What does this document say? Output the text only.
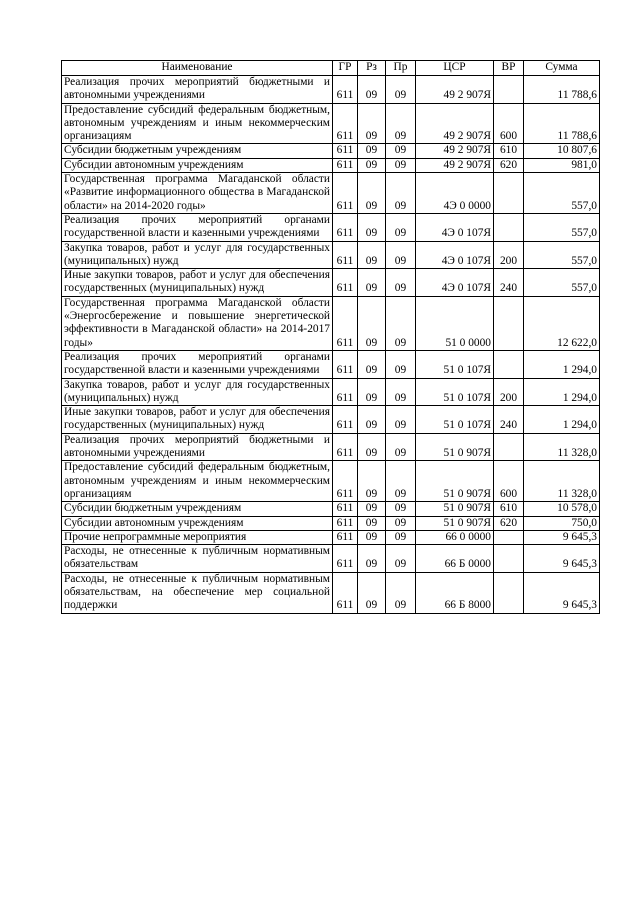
Наименование	ГР	Рз	Пр	ЦСР	ВР	Сумма
Реализация прочих мероприятий бюджетными и автономными учреждениями	611	09	09	49 2 907Я		11 788,6
Предоставление субсидий федеральным бюджетным, автономным учреждениям и иным некоммерческим организациям	611	09	09	49 2 907Я	600	11 788,6
Субсидии бюджетным учреждениям	611	09	09	49 2 907Я	610	10 807,6
Субсидии автономным учреждениям	611	09	09	49 2 907Я	620	981,0
Государственная программа Магаданской области «Развитие информационного общества в Магаданской области» на 2014-2020 годы»	611	09	09	4Э 0 0000		557,0
Реализация прочих мероприятий органами государственной власти и казенными учреждениями	611	09	09	4Э 0 107Я		557,0
Закупка товаров, работ и услуг для государственных (муниципальных) нужд	611	09	09	4Э 0 107Я	200	557,0
Иные закупки товаров, работ и услуг для обеспечения государственных (муниципальных) нужд	611	09	09	4Э 0 107Я	240	557,0
Государственная программа Магаданской области «Энергосбережение и повышение энергетической эффективности в Магаданской области» на 2014-2017 годы»	611	09	09	51 0 0000		12 622,0
Реализация прочих мероприятий органами государственной власти и казенными учреждениями	611	09	09	51 0 107Я		1 294,0
Закупка товаров, работ и услуг для государственных (муниципальных) нужд	611	09	09	51 0 107Я	200	1 294,0
Иные закупки товаров, работ и услуг для обеспечения государственных (муниципальных) нужд	611	09	09	51 0 107Я	240	1 294,0
Реализация прочих мероприятий бюджетными и автономными учреждениями	611	09	09	51 0 907Я		11 328,0
Предоставление субсидий федеральным бюджетным, автономным учреждениям и иным некоммерческим организациям	611	09	09	51 0 907Я	600	11 328,0
Субсидии бюджетным учреждениям	611	09	09	51 0 907Я	610	10 578,0
Субсидии автономным учреждениям	611	09	09	51 0 907Я	620	750,0
Прочие непрограммные мероприятия	611	09	09	66 0 0000		9 645,3
Расходы, не отнесенные к публичным нормативным обязательствам	611	09	09	66 Б 0000		9 645,3
Расходы, не отнесенные к публичным нормативным обязательствам, на обеспечение мер социальной поддержки	611	09	09	66 Б 8000		9 645,3
